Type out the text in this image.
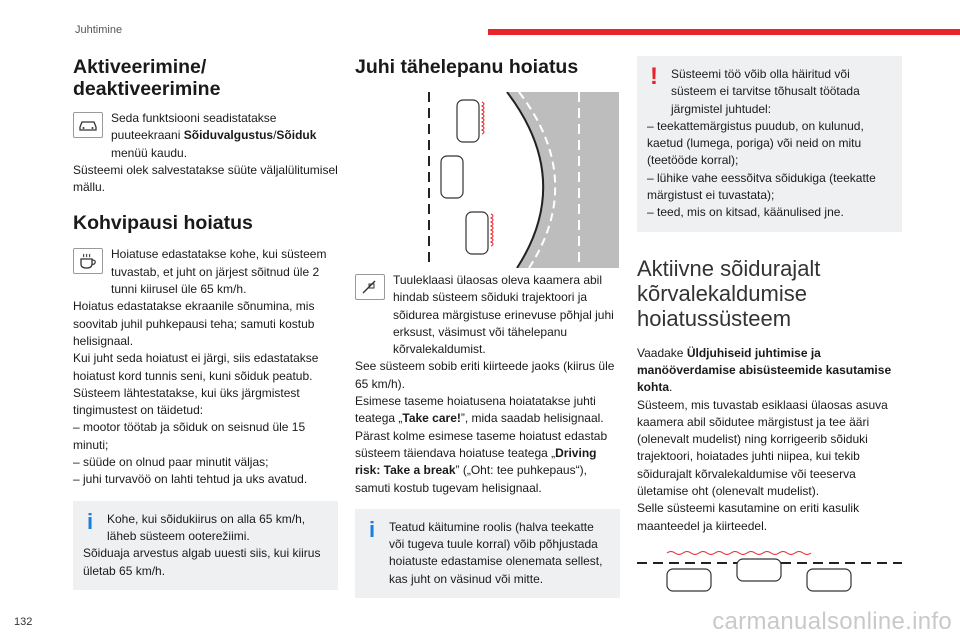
Juhtimine
Aktiveerimine/
deaktiveerimine

Seda funktsiooni seadistatakse puuteekraani Sõiduvalgustus/Sõiduk menüü kaudu.

Süsteemi olek salvestatakse süüte väljalülitumisel mällu.

Kohvipausi hoiatus

Hoiatuse edastatakse kohe, kui süsteem tuvastab, et juht on järjest sõitnud üle 2 tunni kiirusel üle 65 km/h.

Hoiatus edastatakse ekraanile sõnumina, mis soovitab juhil puhkepausi teha; samuti kostub helisignaal.

Kui juht seda hoiatust ei järgi, siis edastatakse hoiatust kord tunnis seni, kuni sõiduk peatub.

Süsteem lähtestatakse, kui üks järgmistest tingimustest on täidetud:

– mootor töötab ja sõiduk on seisnud üle 15 minuti;

– süüde on olnud paar minutit väljas;

– juhi turvavöö on lahti tehtud ja uks avatud.

i	Kohe, kui sõidukiirus on alla 65 km/h, läheb süsteem ooterežiimi.

Sõiduaja arvestus algab uuesti siis, kui kiirus ületab 65 km/h.

Juhi tähelepanu hoiatus

Tuuleklaasi ülaosas oleva kaamera abil hindab süsteem sõiduki trajektoori ja sõidurea märgistuse erinevuse põhjal juhi erksust, väsimust või tähelepanu kõrvalekaldumist.

See süsteem sobib eriti kiirteede jaoks (kiirus üle 65 km/h).

Esimese taseme hoiatusena hoiatatakse juhti teatega „Take care!”, mida saadab helisignaal.

Pärast kolme esimese taseme hoiatust edastab süsteem täiendava hoiatuse teatega „Driving risk: Take a break” („Oht: tee puhkepaus“), samuti kostub tugevam helisignaal.

i	Teatud käitumine roolis (halva teekatte või tugeva tuule korral) võib põhjustada hoiatuste edastamise olenemata sellest, kas juht on väsinud või mitte.

! Süsteemi töö võib olla häiritud või süsteem ei tarvitse tõhusalt töötada järgmistel juhtudel:

– teekattemärgistus puudub, on kulunud, kaetud (lumega, poriga) või neid on mitu (teetööde korral);

– lühike vahe eessõitva sõidukiga (teekatte märgistust ei tuvastata);

– teed, mis on kitsad, käänulised jne.

Aktiivne sõidurajalt
kõrvalekaldumise
hoiatussüsteem

Vaadake Üldjuhiseid juhtimise ja manööverdamise abisüsteemide kasutamise kohta.

Süsteem, mis tuvastab esiklaasi ülaosas asuva kaamera abil sõidutee märgistust ja tee ääri (olenevalt mudelist) ning korrigeerib sõiduki trajektoori, hoiatades juhti niipea, kui tekib sõidurajalt kõrvalekaldumise või teeserva ületamise oht (olenevalt mudelist).

Selle süsteemi kasutamine on eriti kasulik maanteedel ja kiirteedel.

132	carmanualsonline.info
